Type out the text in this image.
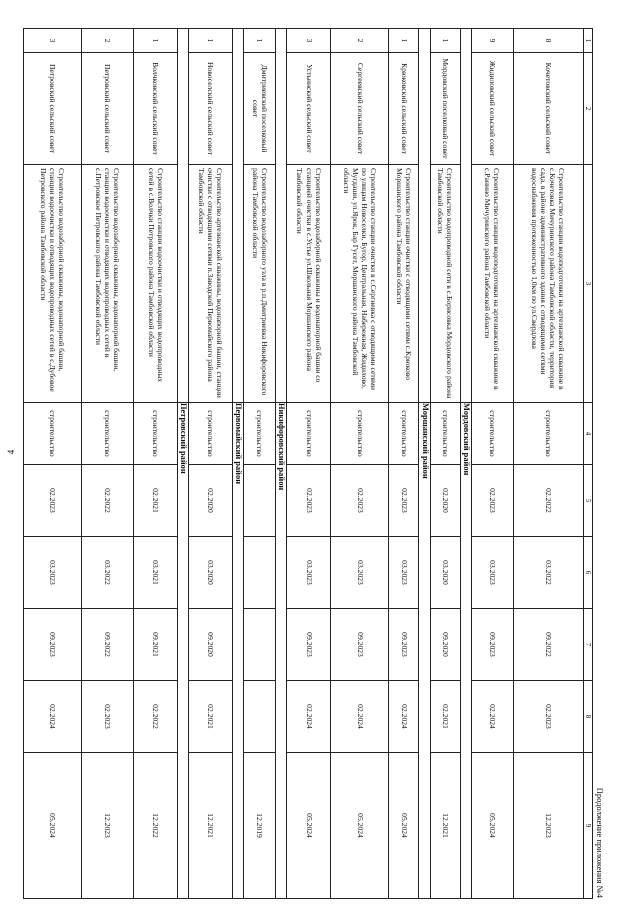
4
Продолжение приложения №4
1	2	3	4	5	6	7	8	9
8	Кочетовский сельский совет	Строительство станции водоподготовки на артезианской скважине в с.Кочетовка Мичуринского района Тамбовской области, территория сада, в районе административного здания с отводящими сетями водоснабжения протяженностью 1,0км по ул.Свердлова	строительство	02.2022	03.2022	09.2022	02.2023	12.2023
9	Жидиловский сельский совет	Строительство станции водоподготовки на артезианской скважине в с.Ранино Мичуринского района Тамбовской области	строительство	02.2023	03.2023	09.2023	02.2024	05.2024
			Мордовский район					
1	Мордовский поселковый совет	Строительство водопроводной сети в с.Борисовка Мордовского района Тамбовской области	строительство	02.2020	03.2020	09.2020	02.2021	12.2021
			Моршанский район					
1	Крюковский сельский совет	Строительство станции очистки с отводящими сетями с.Крюково Моршанского района Тамбовской области	строительство	02.2023	03.2023	09.2023	02.2024	05.2024
2	Сергеевский сельский совет	Строительство станции очистки в с.Сергиевка с отводящими сетями по улицам Новоселки, Бугор, Центральная, Набережная, Жидилово, Мугдаши, ул.Ярок, Бар Гусет, Моршанского района Тамбовской области	строительство	02.2023	03.2023	09.2023	02.2024	05.2024
3	Устьинский сельский совет	Строительство водозаборной скважины и водонапорной башни со станцией очистки в с.Устье ул.Школьная Моршанского района Тамбовской области	строительство	02.2023	03.2023	09.2023	02.2024	05.2024
			Никифоровский район					
1	Дмитриевский поселковый совет	Строительство водозаборного узла в р.п.Дмитриевка Никифоровского района Тамбовской области	строительство					12.2019
			Первомайский район					
1	Новоселский сельский совет	Строительство артезианской скважины, водонапорной башни, станции очистки с отводящими сетями п.Заводской Первомайского района Тамбовской области	строительство	02.2020	03.2020	09.2020	02.2021	12.2021
			Петровский район					
1	Волчковский сельский совет	Строительство станции водоочистки и отводящих водопроводных сетей в с.Волчки Петровского района Тамбовской области	строительство	02.2021	03.2021	09.2021	02.2022	12.2022
2	Петровский сельский совет	Строительство водозаборной скважины, водонапорной башни, станции водоочистки и отводящих водопроводных сетей в с.Петровское Петровского района Тамбовской области	строительство	02.2022	03.2022	09.2022	02.2023	12.2023
3	Петровский сельский совет	Строительство водозаборной скважины, водонапорной башни, станции водоочистки и отводящих водопроводных сетей в с.Дубовое Петровского района Тамбовской области	строительство	02.2023	03.2023	09.2023	02.2024	05.2024
